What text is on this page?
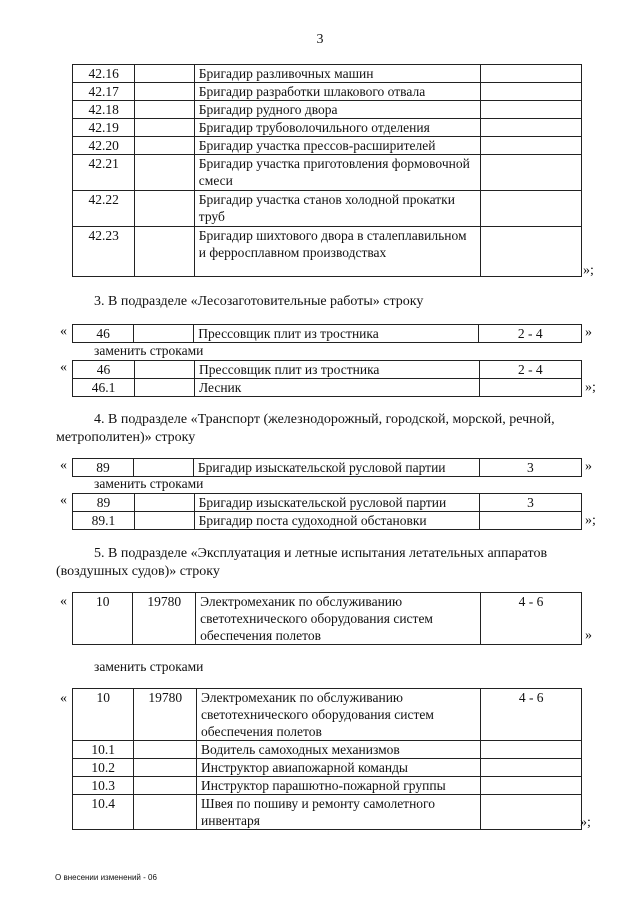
3
42.16		Бригадир разливочных машин	
42.17		Бригадир разработки шлакового отвала	
42.18		Бригадир рудного двора	
42.19		Бригадир трубоволочильного отделения	
42.20		Бригадир участка прессов-расширителей	
42.21		Бригадир участка приготовления формовочной смеси	
42.22		Бригадир участка станов холодной прокатки труб	
42.23		Бригадир шихтового двора в сталеплавильном и ферросплавном производствах	
»;
3. В подразделе «Лесозаготовительные работы» строку
« 46		Прессовщик плит из тростника	2 - 4	»
заменить строками
« 46		Прессовщик плит из тростника	2 - 4
46.1		Лесник		»;
4. В подразделе «Транспорт (железнодорожный, городской, морской, речной, метрополитен)» строку
« 89		Бригадир изыскательской русловой партии	3	»
заменить строками
« 89		Бригадир изыскательской русловой партии	3
89.1		Бригадир поста судоходной обстановки		»;
5. В подразделе «Эксплуатация и летные испытания летательных аппаратов (воздушных судов)» строку
« 10	19780	Электромеханик по обслуживанию светотехнического оборудования систем обеспечения полетов	4 - 6
»
заменить строками
« 10	19780	Электромеханик по обслуживанию светотехнического оборудования систем обеспечения полетов	4 - 6
10.1		Водитель самоходных механизмов	
10.2		Инструктор авиапожарной команды	
10.3		Инструктор парашютно-пожарной группы	
10.4		Швея по пошиву и ремонту самолетного инвентаря		»;
О внесении изменений - 06
